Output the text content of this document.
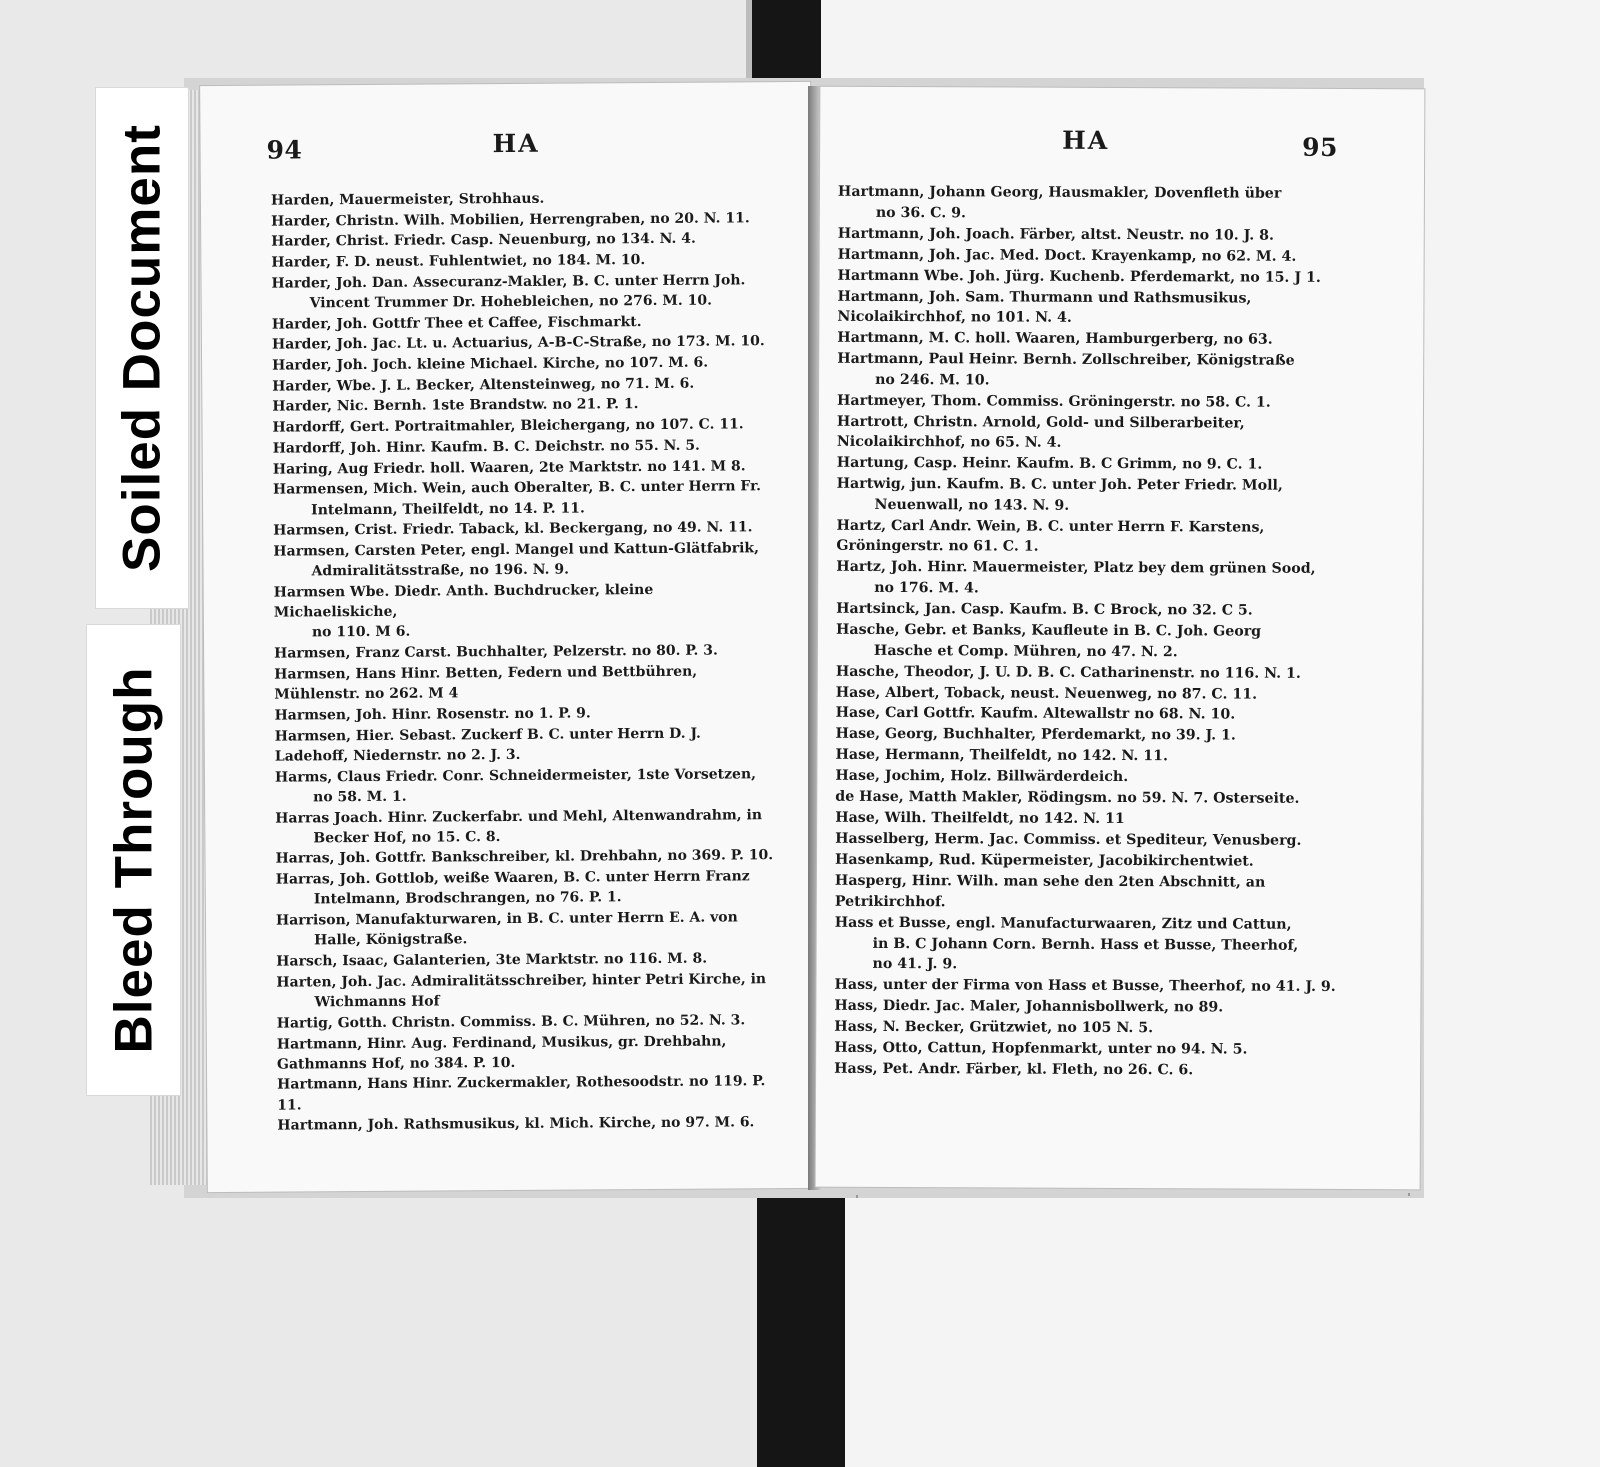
94	HA
Harden, Mauermeister, Strohhaus.
Harder, Christn. Wilh. Mobilien, Herrengraben, no 20. N. 11.
Harder, Christ. Friedr. Casp. Neuenburg, no 134. N. 4.
Harder, F. D. neust. Fuhlentwiet, no 184. M. 10.
Harder, Joh. Dan. Assecuranz-Makler, B. C. unter Herrn Joh.

Vincent Trummer Dr. Hohebleichen, no 276. M. 10.
Harder, Joh. Gottfr Thee et Caffee, Fischmarkt.
Harder, Joh. Jac. Lt. u. Actuarius, A-B-C-Straße, no 173. M. 10.
Harder, Joh. Joch. kleine Michael. Kirche, no 107. M. 6.
Harder, Wbe. J. L. Becker, Altensteinweg, no 71. M. 6.
Harder, Nic. Bernh. 1ste Brandstw. no 21. P. 1.
Hardorff, Gert. Portraitmahler, Bleichergang, no 107. C. 11.
Hardorff, Joh. Hinr. Kaufm. B. C. Deichstr. no 55. N. 5.
Haring, Aug Friedr. holl. Waaren, 2te Marktstr. no 141. M 8.
Harmensen, Mich. Wein, auch Oberalter, B. C. unter Herrn Fr.

Intelmann, Theilfeldt, no 14. P. 11.
Harmsen, Crist. Friedr. Taback, kl. Beckergang, no 49. N. 11.
Harmsen, Carsten Peter, engl. Mangel und Kattun-Glätfabrik,

Admiralitätsstraße, no 196. N. 9.
Harmsen Wbe. Diedr. Anth. Buchdrucker, kleine Michaeliskiche,

no 110. M 6.
Harmsen, Franz Carst. Buchhalter, Pelzerstr. no 80. P. 3.
Harmsen, Hans Hinr. Betten, Federn und Bettbühren, Mühlenstr. no 262. M 4
Harmsen, Joh. Hinr. Rosenstr. no 1. P. 9.
Harmsen, Hier. Sebast. Zuckerf B. C. unter Herrn D. J. Ladehoff, Niedernstr. no 2. J. 3.
Harms, Claus Friedr. Conr. Schneidermeister, 1ste Vorsetzen,

no 58. M. 1.
Harras Joach. Hinr. Zuckerfabr. und Mehl, Altenwandrahm, in

Becker Hof, no 15. C. 8.
Harras, Joh. Gottfr. Bankschreiber, kl. Drehbahn, no 369. P. 10.
Harras, Joh. Gottlob, weiße Waaren, B. C. unter Herrn Franz

Intelmann, Brodschrangen, no 76. P. 1.
Harrison, Manufakturwaren, in B. C. unter Herrn E. A. von

Halle, Königstraße.
Harsch, Isaac, Galanterien, 3te Marktstr. no 116. M. 8.
Harten, Joh. Jac. Admiralitätsschreiber, hinter Petri Kirche, in

Wichmanns Hof
Hartig, Gotth. Christn. Commiss. B. C. Mühren, no 52. N. 3.
Hartmann, Hinr. Aug. Ferdinand, Musikus, gr. Drehbahn, Gathmanns Hof, no 384. P. 10.
Hartmann, Hans Hinr. Zuckermakler, Rothesoodstr. no 119. P. 11.
Hartmann, Joh. Rathsmusikus, kl. Mich. Kirche, no 97. M. 6.
HA	95
Hartmann, Johann Georg, Hausmakler, Dovenfleth über

no 36. C. 9.
Hartmann, Joh. Joach. Färber, altst. Neustr. no 10. J. 8.
Hartmann, Joh. Jac. Med. Doct. Krayenkamp, no 62. M. 4.
Hartmann Wbe. Joh. Jürg. Kuchenb. Pferdemarkt, no 15. J 1.
Hartmann, Joh. Sam. Thurmann und Rathsmusikus, Nicolaikirchhof, no 101. N. 4.
Hartmann, M. C. holl. Waaren, Hamburgerberg, no 63.
Hartmann, Paul Heinr. Bernh. Zollschreiber, Königstraße

no 246. M. 10.
Hartmeyer, Thom. Commiss. Gröningerstr. no 58. C. 1.
Hartrott, Christn. Arnold, Gold- und Silberarbeiter, Nicolaikirchhof, no 65. N. 4.
Hartung, Casp. Heinr. Kaufm. B. C Grimm, no 9. C. 1.
Hartwig, jun. Kaufm. B. C. unter Joh. Peter Friedr. Moll,

Neuenwall, no 143. N. 9.
Hartz, Carl Andr. Wein, B. C. unter Herrn F. Karstens, Gröningerstr. no 61. C. 1.
Hartz, Joh. Hinr. Mauermeister, Platz bey dem grünen Sood,

no 176. M. 4.
Hartsinck, Jan. Casp. Kaufm. B. C Brock, no 32. C 5.
Hasche, Gebr. et Banks, Kaufleute in B. C. Joh. Georg

Hasche et Comp. Mühren, no 47. N. 2.
Hasche, Theodor, J. U. D. B. C. Catharinenstr. no 116. N. 1.
Hase, Albert, Toback, neust. Neuenweg, no 87. C. 11.
Hase, Carl Gottfr. Kaufm. Altewallstr no 68. N. 10.
Hase, Georg, Buchhalter, Pferdemarkt, no 39. J. 1.
Hase, Hermann, Theilfeldt, no 142. N. 11.
Hase, Jochim, Holz. Billwärderdeich.
de Hase, Matth Makler, Rödingsm. no 59. N. 7. Osterseite.
Hase, Wilh. Theilfeldt, no 142. N. 11
Hasselberg, Herm. Jac. Commiss. et Spediteur, Venusberg.
Hasenkamp, Rud. Küpermeister, Jacobikirchentwiet.
Hasperg, Hinr. Wilh. man sehe den 2ten Abschnitt, an Petrikirchhof.
Hass et Busse, engl. Manufacturwaaren, Zitz und Cattun,

in B. C Johann Corn. Bernh. Hass et Busse, Theerhof,
no 41. J. 9.
Hass, unter der Firma von Hass et Busse, Theerhof, no 41. J. 9.
Hass, Diedr. Jac. Maler, Johannisbollwerk, no 89.
Hass, N. Becker, Grützwiet, no 105 N. 5.
Hass, Otto, Cattun, Hopfenmarkt, unter no 94. N. 5.
Hass, Pet. Andr. Färber, kl. Fleth, no 26. C. 6.
Soiled Document
Bleed Through
